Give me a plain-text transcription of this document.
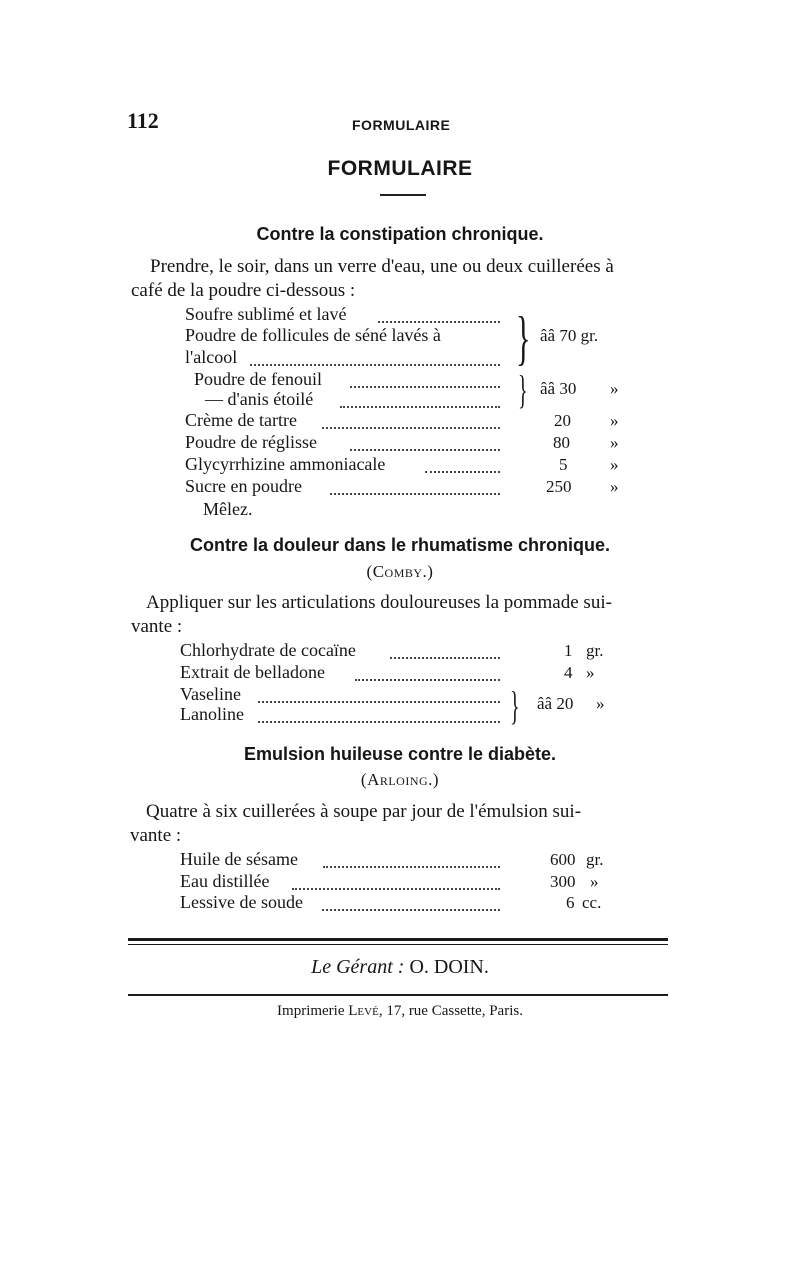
112	FORMULAIRE
FORMULAIRE
Contre la constipation chronique.
Prendre, le soir, dans un verre d'eau, une ou deux cuillerées à
café de la poudre ci-dessous :
Soufre sublimé et lavé
Poudre de follicules de séné lavés à
l'alcool	} ââ 70 gr.
Poudre de fenouil
— d'anis étoilé	} ââ 30 »
Crème de tartre	20 »
Poudre de réglisse	80 »
Glycyrrhizine ammoniacale	5	»
Sucre en poudre	250 »
Mêlez.
Contre la douleur dans le rhumatisme chronique.
(Comby.)
Appliquer sur les articulations douloureuses la pommade sui-
vante :
Chlorhydrate de cocaïne	1 gr.
Extrait de belladone	4 »
Vaseline
Lanoline	} ââ 20 »
Emulsion huileuse contre le diabète.
(Arloing.)
Quatre à six cuillerées à soupe par jour de l'émulsion sui-
vante :
Huile de sésame	600 gr.
Eau distillée	300 »
Lessive de soude	6 cc.
Le Gérant : O. DOIN.
Imprimerie Levé, 17, rue Cassette, Paris.
